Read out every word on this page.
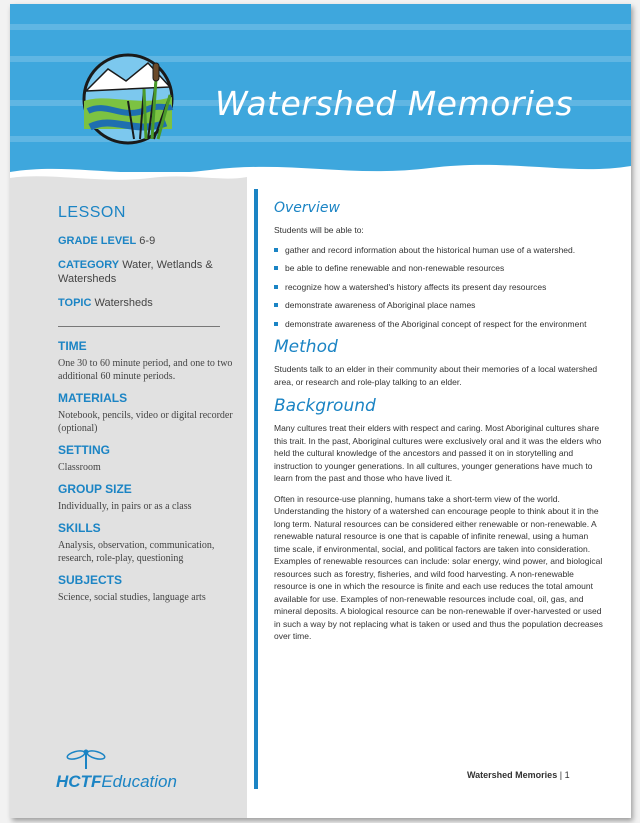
Watershed Memories
LESSON
GRADE LEVEL 6-9
CATEGORY Water, Wetlands & Watersheds
TOPIC Watersheds
TIME
One 30 to 60 minute period, and one to two additional 60 minute periods.
MATERIALS
Notebook, pencils, video or digital recorder (optional)
SETTING
Classroom
GROUP SIZE
Individually, in pairs or as a class
SKILLS
Analysis, observation, communication, research, role-play, questioning
SUBJECTS
Science, social studies, language arts
HCTFEducation
Overview

Students will be able to:

gather and record information about the historical human use of a watershed.
be able to define renewable and non-renewable resources
recognize how a watershed's history affects its present day resources
demonstrate awareness of Aboriginal place names
demonstrate awareness of the Aboriginal concept of respect for the environment
Method

Students talk to an elder in their community about their memories of a local watershed area, or research and role-play talking to an elder.

Background

Many cultures treat their elders with respect and caring. Most Aboriginal cultures share this trait. In the past, Aboriginal cultures were exclusively oral and it was the elders who held the cultural knowledge of the ancestors and passed it on in storytelling and instruction to younger generations. In all cultures, younger generations have much to learn from the past and those who have lived it.

Often in resource-use planning, humans take a short-term view of the world. Understanding the history of a watershed can encourage people to think about it in the long term. Natural resources can be considered either renewable or non-renewable. A renewable natural resource is one that is capable of infinite renewal, using a human time scale, if environmental, social, and political factors are taken into consideration. Examples of renewable resources can include: solar energy, wind power, and biological resources such as forestry, fisheries, and wild food harvesting. A non-renewable resource is one in which the resource is finite and each use reduces the total amount available for use. Examples of non-renewable resources include coal, oil, gas, and mineral deposits. A biological resource can be non-renewable if over-harvested or used in such a way by not replacing what is taken or used and thus the population decreases over time.

Watershed Memories | 1
